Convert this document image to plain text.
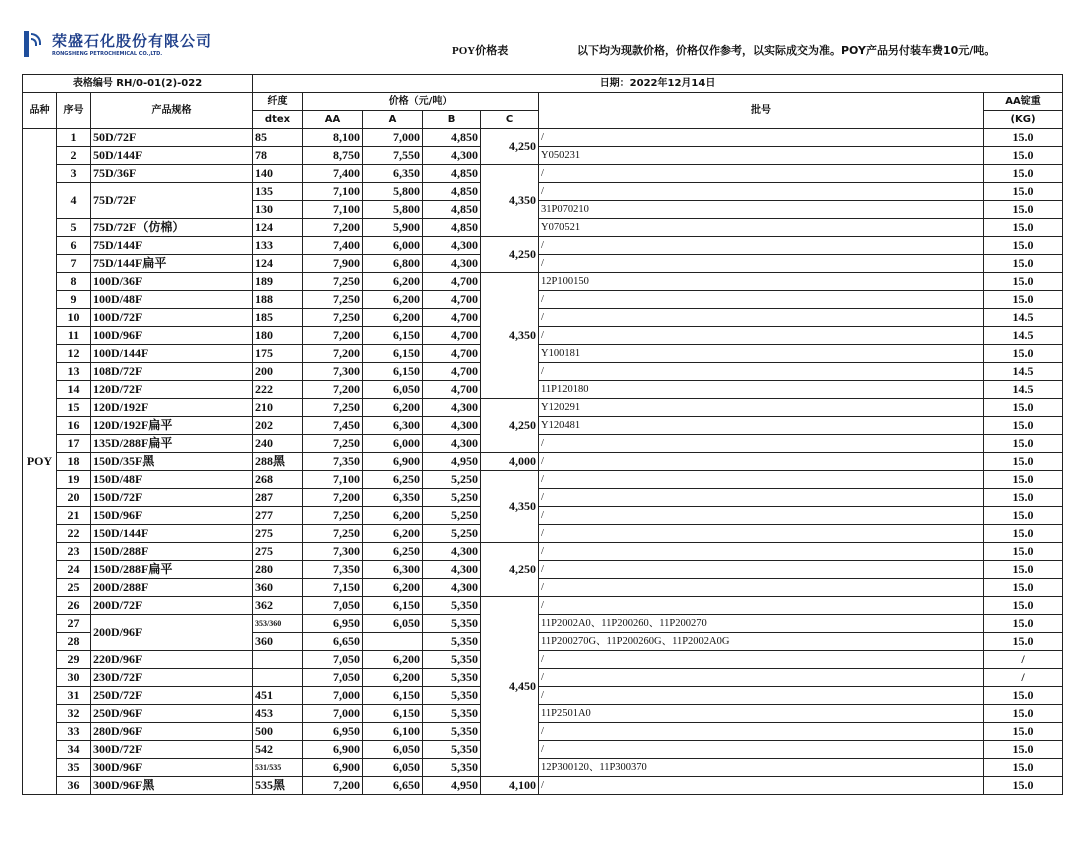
荣盛石化股份有限公司
RONGSHENG PETROCHEMICAL CO.,LTD.	POY价格表	以下均为现款价格，价格仅作参考，以实际成交为准。POY产品另付装车费10元/吨。
表格编号 RH/0-01(2)-022			日期：2022年12月14日						
品种	序号	产品规格	纤度	价格（元/吨）				批号	AA锭重
			dtex	AA	A	B	C		(KG)
POY	1	50D/72F	85	8,100	7,000	4,850	4,250	/	15.0
	2	50D/144F	78	8,750	7,550	4,300		Y050231	15.0
	3	75D/36F	140	7,400	6,350	4,850	4,350	/	15.0
	4	75D/72F	135	7,100	5,800	4,850		/	15.0
			130	7,100	5,800	4,850		31P070210	15.0
	5	75D/72F（仿棉）	124	7,200	5,900	4,850		Y070521	15.0
	6	75D/144F	133	7,400	6,000	4,300	4,250	/	15.0
	7	75D/144F扁平	124	7,900	6,800	4,300		/	15.0
	8	100D/36F	189	7,250	6,200	4,700	4,350	12P100150	15.0
	9	100D/48F	188	7,250	6,200	4,700		/	15.0
	10	100D/72F	185	7,250	6,200	4,700		/	14.5
	11	100D/96F	180	7,200	6,150	4,700		/	14.5
	12	100D/144F	175	7,200	6,150	4,700		Y100181	15.0
	13	108D/72F	200	7,300	6,150	4,700		/	14.5
	14	120D/72F	222	7,200	6,050	4,700		11P120180	14.5
	15	120D/192F	210	7,250	6,200	4,300	4,250	Y120291	15.0
	16	120D/192F扁平	202	7,450	6,300	4,300		Y120481	15.0
	17	135D/288F扁平	240	7,250	6,000	4,300		/	15.0
	18	150D/35F黑	288黑	7,350	6,900	4,950	4,000	/	15.0
	19	150D/48F	268	7,100	6,250	5,250	4,350	/	15.0
	20	150D/72F	287	7,200	6,350	5,250		/	15.0
	21	150D/96F	277	7,250	6,200	5,250		/	15.0
	22	150D/144F	275	7,250	6,200	5,250		/	15.0
	23	150D/288F	275	7,300	6,250	4,300	4,250	/	15.0
	24	150D/288F扁平	280	7,350	6,300	4,300		/	15.0
	25	200D/288F	360	7,150	6,200	4,300		/	15.0
	26	200D/72F	362	7,050	6,150	5,350	4,450	/	15.0
	27	200D/96F	353/360	6,950	6,050	5,350		11P2002A0、11P200260、11P200270	15.0
	28		360	6,650		5,350		11P200270G、11P200260G、11P2002A0G	15.0
	29	220D/96F		7,050	6,200	5,350		/	/
	30	230D/72F		7,050	6,200	5,350		/	/
	31	250D/72F	451	7,000	6,150	5,350		/	15.0
	32	250D/96F	453	7,000	6,150	5,350		11P2501A0	15.0
	33	280D/96F	500	6,950	6,100	5,350		/	15.0
	34	300D/72F	542	6,900	6,050	5,350		/	15.0
	35	300D/96F	531/535	6,900	6,050	5,350		12P300120、11P300370	15.0
	36	300D/96F黑	535黑	7,200	6,650	4,950	4,100	/	15.0
